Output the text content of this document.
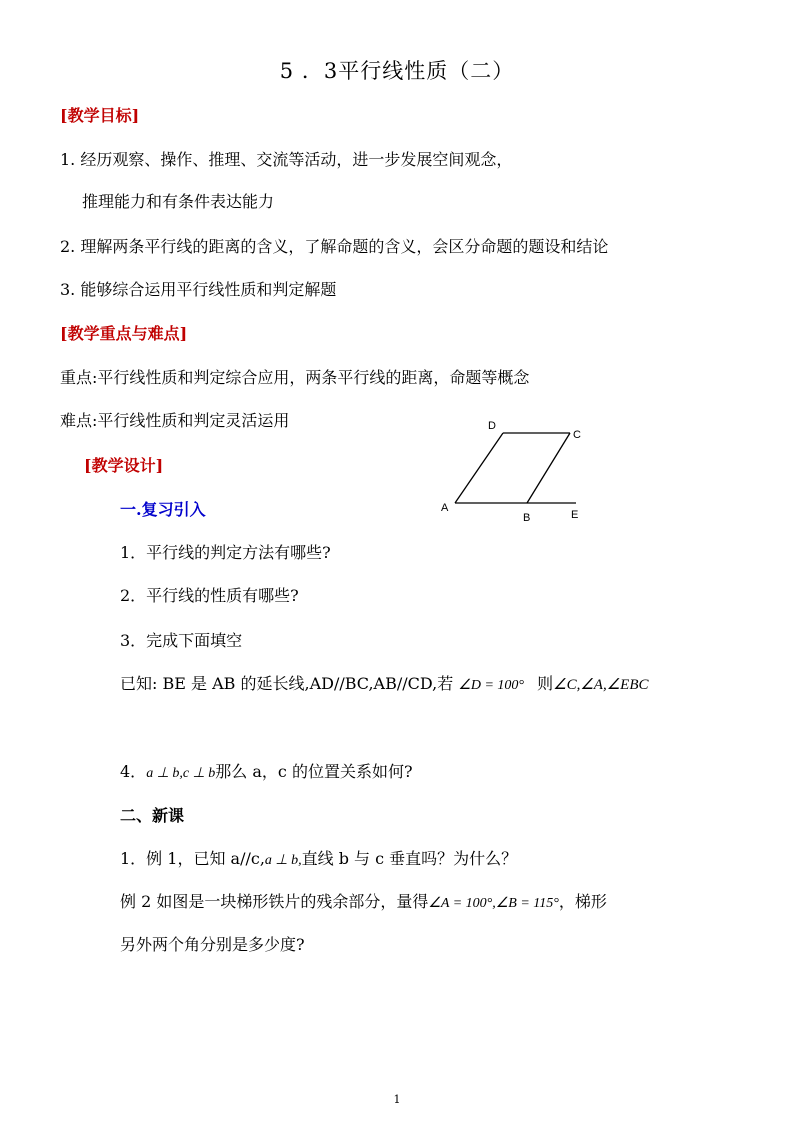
5 ．3平行线性质（二）
[教学目标]
1. 经历观察、操作、推理、交流等活动，进一步发展空间观念，
推理能力和有条件表达能力
2. 理解两条平行线的距离的含义，了解命题的含义，会区分命题的题设和结论
3. 能够综合运用平行线性质和判定解题
[教学重点与难点]
重点:平行线性质和判定综合应用，两条平行线的距离，命题等概念
难点:平行线性质和判定灵活运用
[教学设计]
一.复习引入
D
C
A
B	E
1．平行线的判定方法有哪些?
2．平行线的性质有哪些?
3．完成下面填空
已知: BE 是 AB 的延长线,AD//BC,AB//CD,若 ∠D = 100° 则∠C,∠A,∠EBC
4．a ⊥ b,c ⊥ b那么 a，c 的位置关系如何?
二、新课
1．例 1，已知 a//c,a ⊥ b,直线 b 与 c 垂直吗？为什么？
例 2 如图是一块梯形铁片的残余部分，量得∠A = 100°,∠B = 115°，梯形
另外两个角分别是多少度?
1
